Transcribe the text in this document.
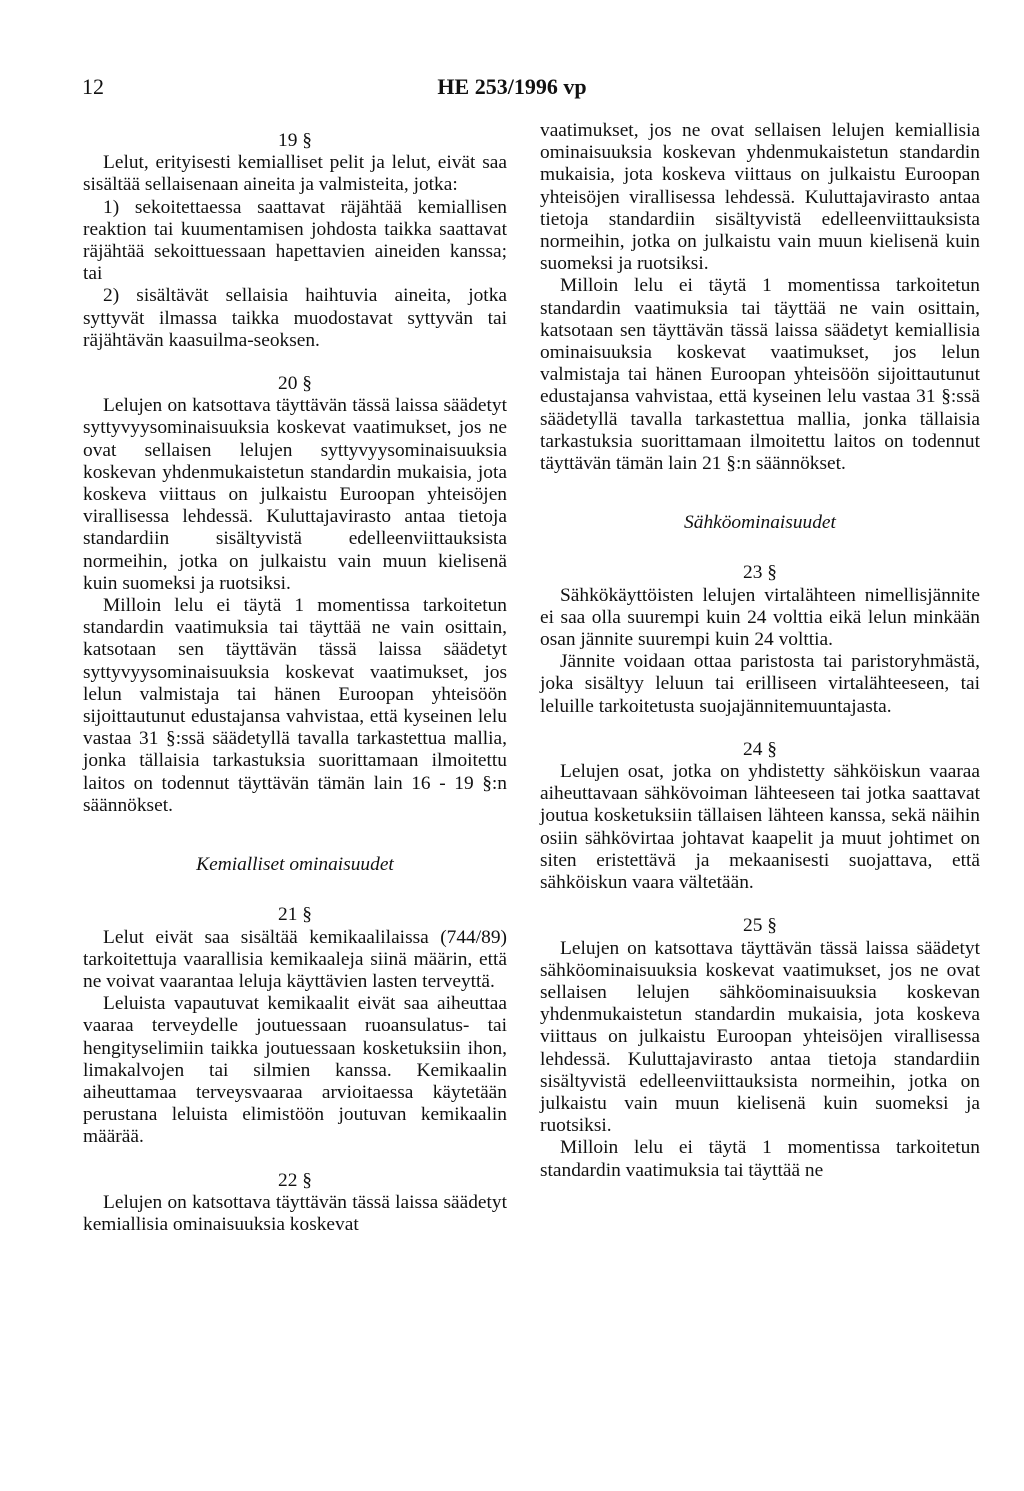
12	HE 253/1996 vp
19 §

Lelut, erityisesti kemialliset pelit ja lelut, eivät saa sisältää sellaisenaan aineita ja valmisteita, jotka:

1) sekoitettaessa saattavat räjähtää kemiallisen reaktion tai kuumentamisen johdosta taikka saattavat räjähtää sekoittuessaan hapettavien aineiden kanssa; tai

2) sisältävät sellaisia haihtuvia aineita, jotka syttyvät ilmassa taikka muodostavat syttyvän tai räjähtävän kaasuilma-seoksen.

20 §

Lelujen on katsottava täyttävän tässä laissa säädetyt syttyvyysominaisuuksia koskevat vaatimukset, jos ne ovat sellaisen lelujen syttyvyysominaisuuksia koskevan yhdenmukaistetun standardin mukaisia, jota koskeva viittaus on julkaistu Euroopan yhteisöjen virallisessa lehdessä. Kuluttajavirasto antaa tietoja standardiin sisältyvistä edelleenviittauksista normeihin, jotka on julkaistu vain muun kielisenä kuin suomeksi ja ruotsiksi.

Milloin lelu ei täytä 1 momentissa tarkoitetun standardin vaatimuksia tai täyttää ne vain osittain, katsotaan sen täyttävän tässä laissa säädetyt syttyvyysominaisuuksia koskevat vaatimukset, jos lelun valmistaja tai hänen Euroopan yhteisöön sijoittautunut edustajansa vahvistaa, että kyseinen lelu vastaa 31 §:ssä säädetyllä tavalla tarkastettua mallia, jonka tällaisia tarkastuksia suorittamaan ilmoitettu laitos on todennut täyttävän tämän lain 16 - 19 §:n säännökset.

Kemialliset ominaisuudet
21 §

Lelut eivät saa sisältää kemikaalilaissa (744/89) tarkoitettuja vaarallisia kemikaaleja siinä määrin, että ne voivat vaarantaa leluja käyttävien lasten terveyttä.

Leluista vapautuvat kemikaalit eivät saa aiheuttaa vaaraa terveydelle joutuessaan ruoansulatus- tai hengityselimiin taikka joutuessaan kosketuksiin ihon, limakalvojen tai silmien kanssa. Kemikaalin aiheuttamaa terveysvaaraa arvioitaessa käytetään perustana leluista elimistöön joutuvan kemikaalin määrää.

22 §

Lelujen on katsottava täyttävän tässä laissa säädetyt kemiallisia ominaisuuksia koskevat

vaatimukset, jos ne ovat sellaisen lelujen kemiallisia ominaisuuksia koskevan yhdenmukaistetun standardin mukaisia, jota koskeva viittaus on julkaistu Euroopan yhteisöjen virallisessa lehdessä. Kuluttajavirasto antaa tietoja standardiin sisältyvistä edelleenviittauksista normeihin, jotka on julkaistu vain muun kielisenä kuin suomeksi ja ruotsiksi.

Milloin lelu ei täytä 1 momentissa tarkoitetun standardin vaatimuksia tai täyttää ne vain osittain, katsotaan sen täyttävän tässä laissa säädetyt kemiallisia ominaisuuksia koskevat vaatimukset, jos lelun valmistaja tai hänen Euroopan yhteisöön sijoittautunut edustajansa vahvistaa, että kyseinen lelu vastaa 31 §:ssä säädetyllä tavalla tarkastettua mallia, jonka tällaisia tarkastuksia suorittamaan ilmoitettu laitos on todennut täyttävän tämän lain 21 §:n säännökset.

Sähköominaisuudet
23 §

Sähkökäyttöisten lelujen virtalähteen nimellisjännite ei saa olla suurempi kuin 24 volttia eikä lelun minkään osan jännite suurempi kuin 24 volttia.

Jännite voidaan ottaa paristosta tai paristoryhmästä, joka sisältyy leluun tai erilliseen virtalähteeseen, tai leluille tarkoitetusta suojajännitemuuntajasta.

24 §

Lelujen osat, jotka on yhdistetty sähköiskun vaaraa aiheuttavaan sähkövoiman lähteeseen tai jotka saattavat joutua kosketuksiin tällaisen lähteen kanssa, sekä näihin osiin sähkövirtaa johtavat kaapelit ja muut johtimet on siten eristettävä ja mekaanisesti suojattava, että sähköiskun vaara vältetään.

25 §

Lelujen on katsottava täyttävän tässä laissa säädetyt sähköominaisuuksia koskevat vaatimukset, jos ne ovat sellaisen lelujen sähköominaisuuksia koskevan yhdenmukaistetun standardin mukaisia, jota koskeva viittaus on julkaistu Euroopan yhteisöjen virallisessa lehdessä. Kuluttajavirasto antaa tietoja standardiin sisältyvistä edelleenviittauksista normeihin, jotka on julkaistu vain muun kielisenä kuin suomeksi ja ruotsiksi.

Milloin lelu ei täytä 1 momentissa tarkoitetun standardin vaatimuksia tai täyttää ne
